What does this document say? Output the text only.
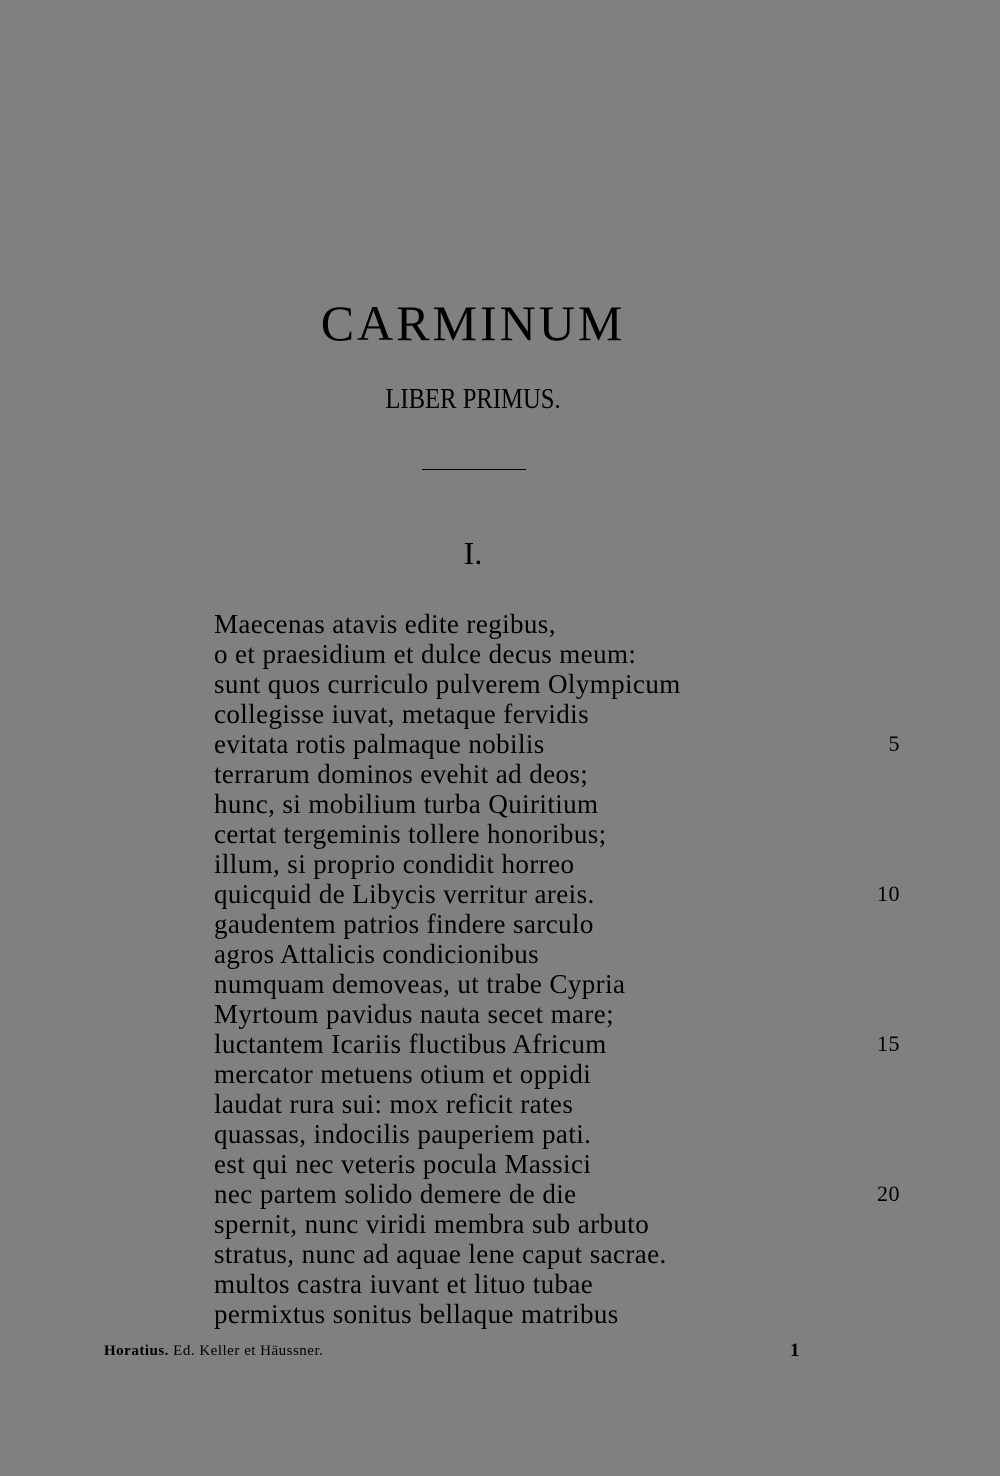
CARMINUM
LIBER PRIMUS.
I.
Maecenas atavis edite regibus,
o et praesidium et dulce decus meum:
sunt quos curriculo pulverem Olympicum
collegisse iuvat, metaque fervidis
evitata rotis palmaque nobilis	5
terrarum dominos evehit ad deos;
hunc, si mobilium turba Quiritium
certat tergeminis tollere honoribus;
illum, si proprio condidit horreo
quicquid de Libycis verritur areis.	10
gaudentem patrios findere sarculo
agros Attalicis condicionibus
numquam demoveas, ut trabe Cypria
Myrtoum pavidus nauta secet mare;
luctantem Icariis fluctibus Africum	15
mercator metuens otium et oppidi
laudat rura sui: mox reficit rates
quassas, indocilis pauperiem pati.
est qui nec veteris pocula Massici
nec partem solido demere de die	20
spernit, nunc viridi membra sub arbuto
stratus, nunc ad aquae lene caput sacrae.
multos castra iuvant et lituo tubae
permixtus sonitus bellaque matribus
Horatius. Ed. Keller et Häussner.	1
